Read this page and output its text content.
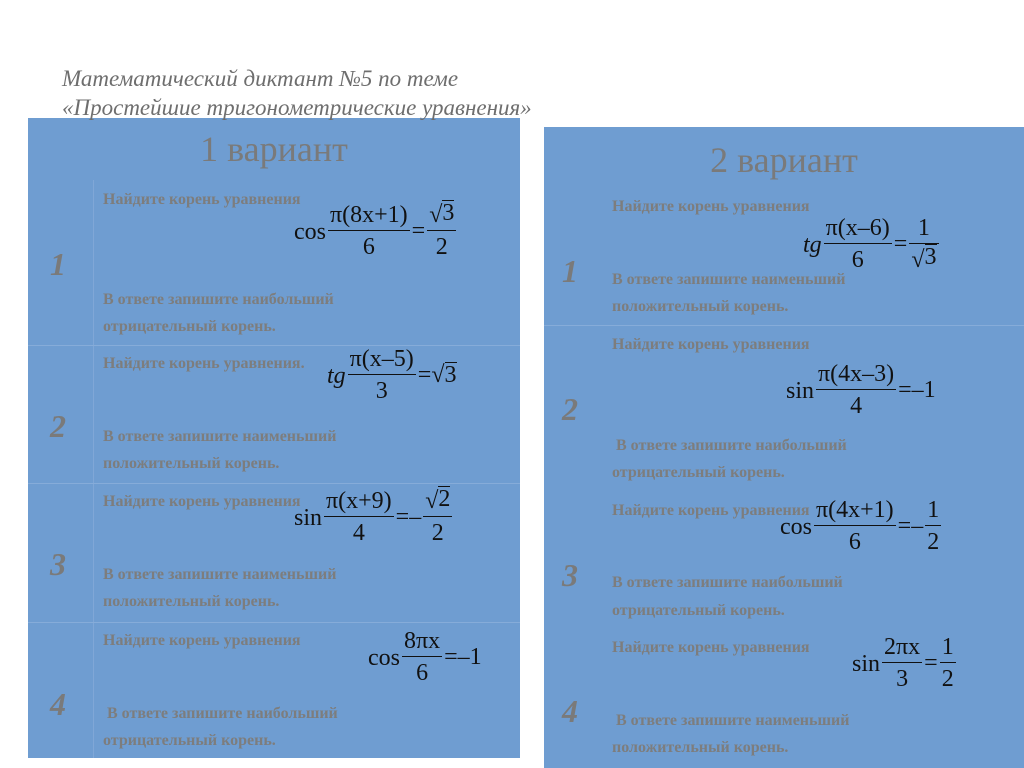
Математический диктант №5 по теме
«Простейшие тригонометрические уравнения»
1 вариант
1
Найдите корень уравнения
В ответе запишите наибольший
отрицательный корень.
$\cos \frac{\pi(8x+1)}{6} = \frac{√ 3}{2}$
2
Найдите корень уравнения.
В ответе запишите наименьший
положительный корень.
tg $\frac{\pi(x-5)}{3}$ = √ 3
3
Найдите корень уравнения
В ответе запишите наименьший
положительный корень.
$\sin \frac{\pi(x+9)}{4}$ = – $\frac{√ 2}{2}$
4
Найдите корень уравнения
В ответе запишите наибольший
отрицательный корень.
$\cos \frac{8\pi x}{6}$ = – 1
2 вариант
1
Найдите корень уравнения
В ответе запишите наименьший
положительный корень.
tg $\frac{\pi(x-6)}{6} = \frac{1}{√ 3}$
2
Найдите корень уравнения
В ответе запишите наибольший
отрицательный корень.
$\sin \frac{\pi(4x-3)}{4}$ = – 1
3
Найдите корень уравнения
В ответе запишите наибольший
отрицательный корень.
$\cos \frac{\pi(4x+1)}{6}$ = – $\frac{1}{2}$
4
Найдите корень уравнения
В ответе запишите наименьший
положительный корень.
$\sin \frac{2\pi x}{3} = \frac{1}{2}$
